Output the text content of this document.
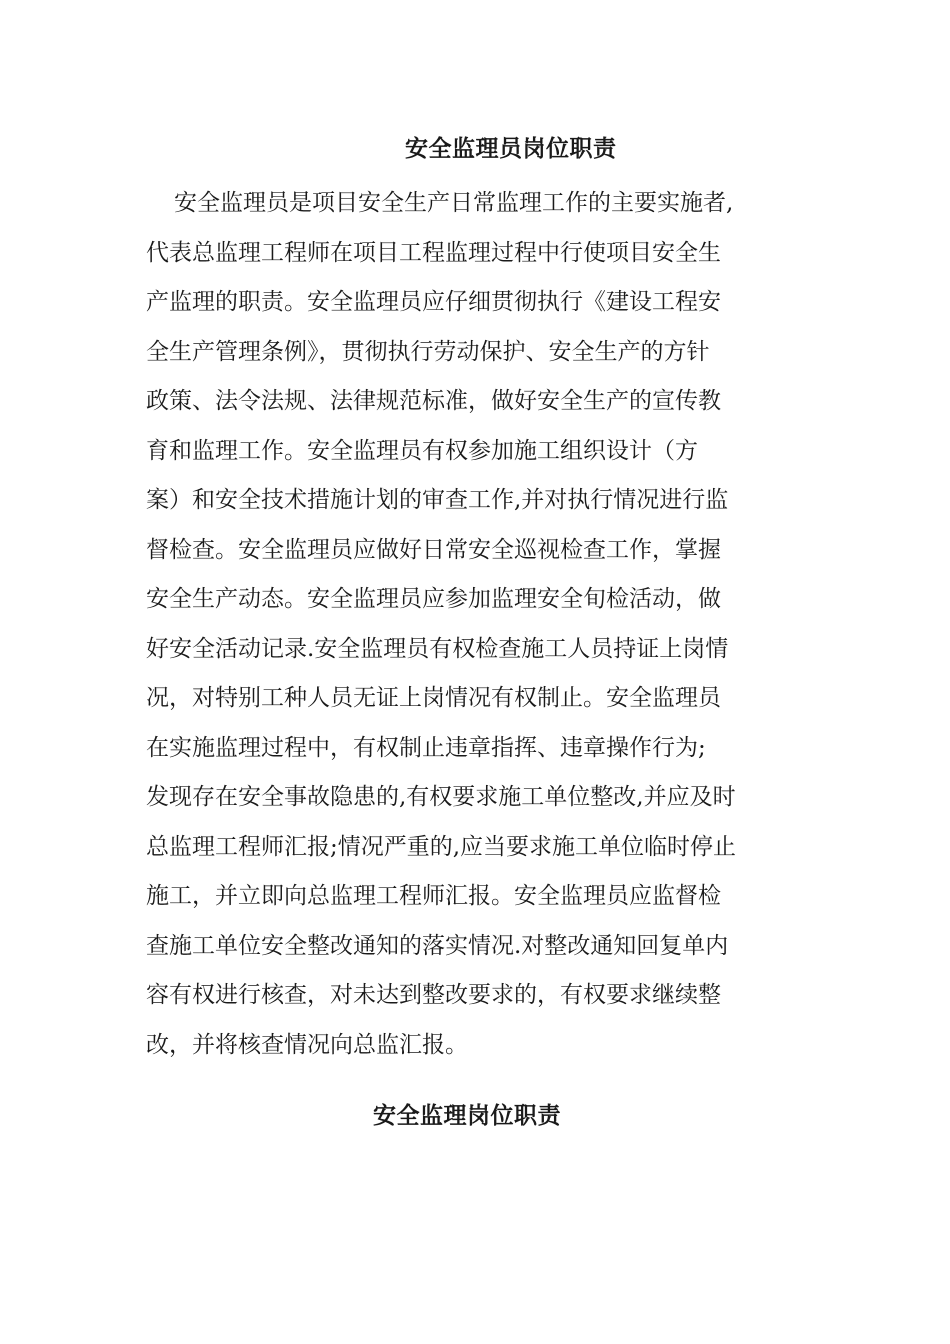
安全监理员岗位职责
安全监理员是项目安全生产日常监理工作的主要实施者,
代表总监理工程师在项目工程监理过程中行使项目安全生
产监理的职责。安全监理员应仔细贯彻执行《建设工程安
全生产管理条例》，贯彻执行劳动保护、安全生产的方针
政策、法令法规、法律规范标准，做好安全生产的宣传教
育和监理工作。安全监理员有权参加施工组织设计（方
案）和安全技术措施计划的审查工作,并对执行情况进行监
督检查。安全监理员应做好日常安全巡视检查工作，掌握
安全生产动态。安全监理员应参加监理安全旬检活动，做
好安全活动记录.安全监理员有权检查施工人员持证上岗情
况，对特别工种人员无证上岗情况有权制止。安全监理员
在实施监理过程中，有权制止违章指挥、违章操作行为;
发现存在安全事故隐患的,有权要求施工单位整改,并应及时
总监理工程师汇报;情况严重的,应当要求施工单位临时停止
施工，并立即向总监理工程师汇报。安全监理员应监督检
查施工单位安全整改通知的落实情况.对整改通知回复单内
容有权进行核查，对未达到整改要求的，有权要求继续整
改，并将核查情况向总监汇报。
安全监理岗位职责
